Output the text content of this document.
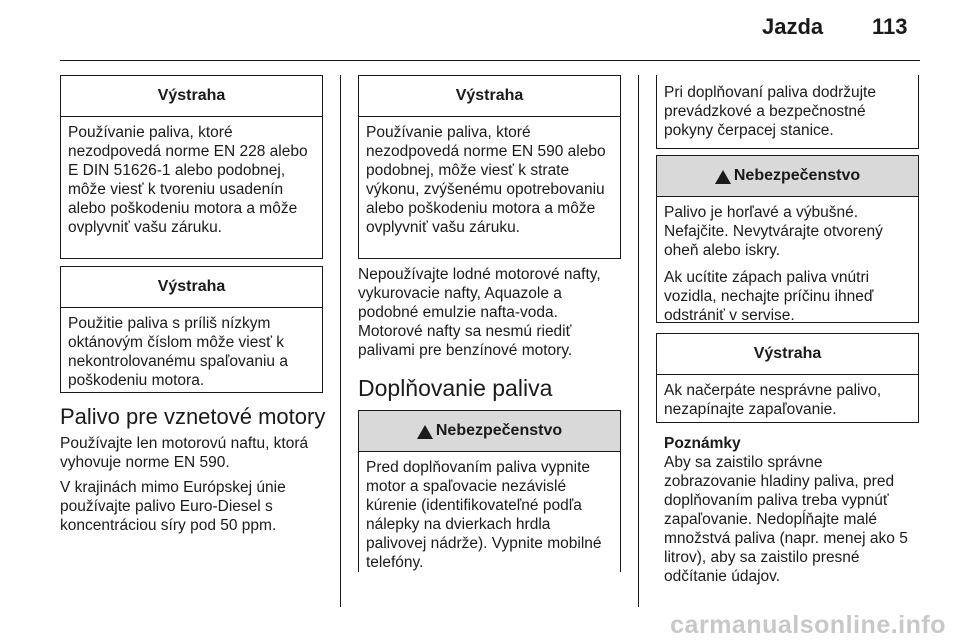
Jazda 113
Výstraha

Používanie paliva, ktoré nezodpovedá norme EN 228 alebo E DIN 51626-1 alebo podobnej, môže viesť k tvoreniu usadenín alebo poškodeniu motora a môže ovplyvniť vašu záruku.

Výstraha

Použitie paliva s príliš nízkym oktánovým číslom môže viesť k nekontrolovanému spaľovaniu a poškodeniu motora.

Palivo pre vznetové motory

Používajte len motorovú naftu, ktorá vyhovuje norme EN 590.

V krajinách mimo Európskej únie používajte palivo Euro-Diesel s koncentráciou síry pod 50 ppm.

Výstraha

Používanie paliva, ktoré nezodpovedá norme EN 590 alebo podobnej, môže viesť k strate výkonu, zvýšenému opotrebovaniu alebo poškodeniu motora a môže ovplyvniť vašu záruku.

Nepoužívajte lodné motorové nafty, vykurovacie nafty, Aquazole a podobné emulzie nafta-voda. Motorové nafty sa nesmú riediť palivami pre benzínové motory.

Doplňovanie paliva
Nebezpečenstvo

Pred doplňovaním paliva vypnite motor a spaľovacie nezávislé kúrenie (identifikovateľné podľa nálepky na dvierkach hrdla palivovej nádrže). Vypnite mobilné telefóny.

Pri doplňovaní paliva dodržujte prevádzkové a bezpečnostné pokyny čerpacej stanice.

Nebezpečenstvo

Palivo je horľavé a výbušné. Nefajčite. Nevytvárajte otvorený oheň alebo iskry.

Ak ucítite zápach paliva vnútri vozidla, nechajte príčinu ihneď odstrániť v servise.

Výstraha

Ak načerpáte nesprávne palivo, nezapínajte zapaľovanie.

Poznámky
Aby sa zaistilo správne zobrazovanie hladiny paliva, pred doplňovaním paliva treba vypnúť zapaľovanie. Nedopĺňajte malé množstvá paliva (napr. menej ako 5 litrov), aby sa zaistilo presné odčítanie údajov.
carmanualsonline.info
